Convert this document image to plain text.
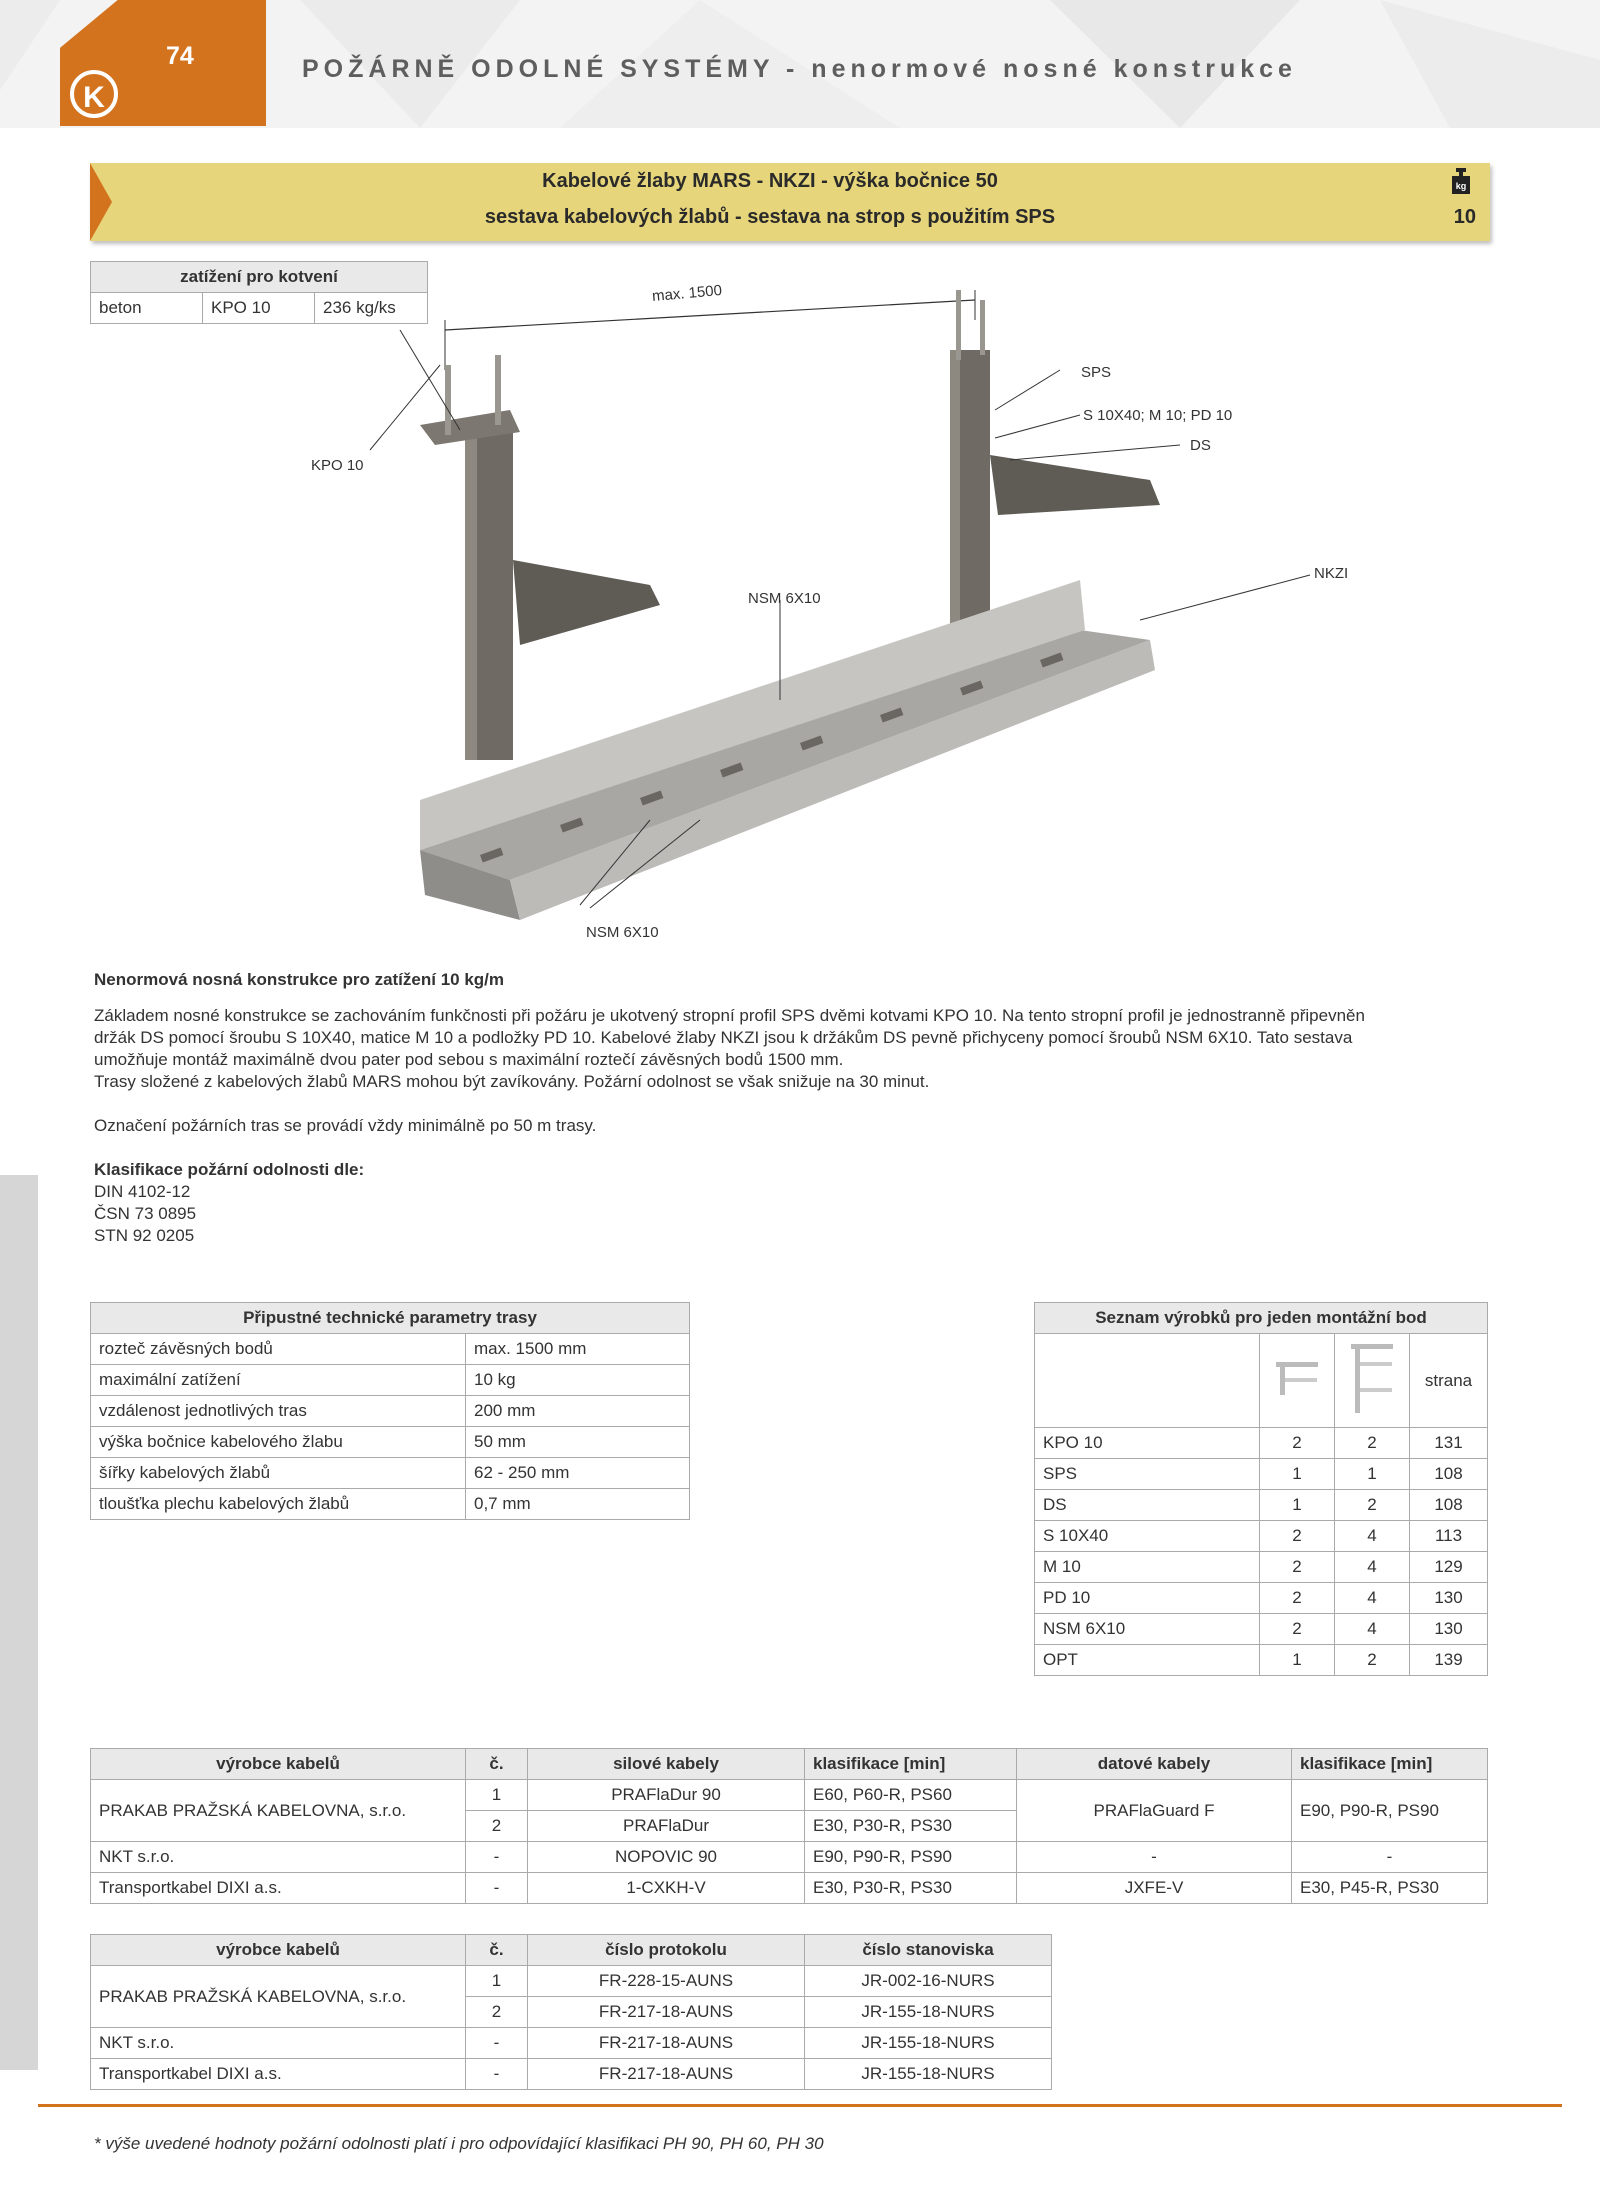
74
K
POŽÁRNĚ ODOLNÉ SYSTÉMY - nenormové nosné konstrukce
Kabelové žlaby MARS - NKZI - výška bočnice 50
sestava kabelových žlabů - sestava na strop s použitím SPS
kg
10
zatížení pro kotvení
beton	KPO 10	236 kg/ks
max. 1500
SPS
S 10X40; M 10; PD 10
DS
KPO 10
NKZI
NSM 6X10
NSM 6X10
Nenormová nosná konstrukce pro zatížení 10 kg/m
Základem nosné konstrukce se zachováním funkčnosti při požáru je ukotvený stropní profil SPS dvěmi kotvami KPO 10. Na tento stropní profil je jednostranně připevněn
držák DS pomocí šroubu S 10X40, matice M 10 a podložky PD 10. Kabelové žlaby NKZI jsou k držákům DS pevně přichyceny pomocí šroubů NSM 6X10. Tato sestava
umožňuje montáž maximálně dvou pater pod sebou s maximální roztečí závěsných bodů 1500 mm.
Trasy složené z kabelových žlabů MARS mohou být zavíkovány. Požární odolnost se však snižuje na 30 minut.
Označení požárních tras se provádí vždy minimálně po 50 m trasy.
Klasifikace požární odolnosti dle:
DIN 4102-12
ČSN 73 0895
STN 92 0205
Připustné technické parametry trasy	
rozteč závěsných bodů	max. 1500 mm
maximální zatížení	10 kg
vzdálenost jednotlivých tras	200 mm
výška bočnice kabelového žlabu	50 mm
šířky kabelových žlabů	62 - 250 mm
tloušťka plechu kabelových žlabů	0,7 mm
Seznam výrobků pro jeden montážní bod			
			strana
KPO 10	2	2	131
SPS	1	1	108
DS	1	2	108
S 10X40	2	4	113
M 10	2	4	129
PD 10	2	4	130
NSM 6X10	2	4	130
OPT	1	2	139
výrobce kabelů	č.	silové kabely	klasifikace [min]	datové kabely	klasifikace [min]
PRAKAB PRAŽSKÁ KABELOVNA, s.r.o.	1	PRAFlaDur 90	E60, P60-R, PS60	PRAFlaGuard F	E90, P90-R, PS90
	2	PRAFlaDur	E30, P30-R, PS30		
NKT s.r.o.	-	NOPOVIC 90	E90, P90-R, PS90	-	-
Transportkabel DIXI a.s.	-	1-CXKH-V	E30, P30-R, PS30	JXFE-V	E30, P45-R, PS30
výrobce kabelů	č.	číslo protokolu	číslo stanoviska
PRAKAB PRAŽSKÁ KABELOVNA, s.r.o.	1	FR-228-15-AUNS	JR-002-16-NURS
	2	FR-217-18-AUNS	JR-155-18-NURS
NKT s.r.o.	-	FR-217-18-AUNS	JR-155-18-NURS
Transportkabel DIXI a.s.	-	FR-217-18-AUNS	JR-155-18-NURS
* výše uvedené hodnoty požární odolnosti platí i pro odpovídající klasifikaci PH 90, PH 60, PH 30
